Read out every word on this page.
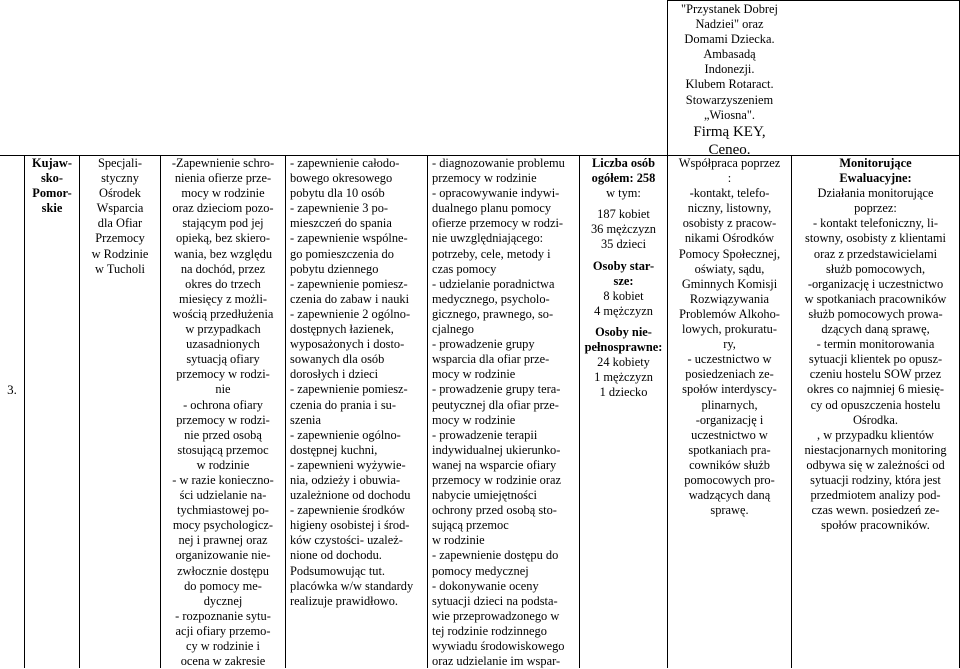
3.
Kujaw-
sko-
Pomor-
skie
Specjali-
styczny
Ośrodek
Wsparcia
dla Ofiar
Przemocy
w Rodzinie
w Tucholi
-Zapewnienie schro-
nienia ofierze prze-
mocy w rodzinie
oraz dzieciom pozo-
stającym pod jej
opieką, bez skiero-
wania, bez względu
na dochód, przez
okres do trzech
miesięcy z możli-
wością przedłużenia
w przypadkach
uzasadnionych
sytuacją ofiary
przemocy w rodzi-
nie
- ochrona ofiary
przemocy w rodzi-
nie przed osobą
stosującą przemoc
w rodzinie
- w razie konieczno-
ści udzielanie na-
tychmiastowej po-
mocy psychologicz-
nej i prawnej oraz
organizowanie nie-
zwłocznie dostępu
do pomocy me-
dycznej
- rozpoznanie sytu-
acji ofiary przemo-
cy w rodzinie i
ocena w zakresie
- zapewnienie całodo-
bowego okresowego
pobytu dla 10 osób
- zapewnienie 3 po-
mieszczeń do spania
- zapewnienie wspólne-
go pomieszczenia do
pobytu dziennego
- zapewnienie pomiesz-
czenia do zabaw i nauki
- zapewnienie 2 ogólno-
dostępnych łazienek,
wyposażonych i dosto-
sowanych dla osób
dorosłych i dzieci
- zapewnienie pomiesz-
czenia do prania i su-
szenia
- zapewnienie ogólno-
dostępnej kuchni,
- zapewnieni wyżywie-
nia, odzieży i obuwia-
uzależnione od dochodu
- zapewnienie środków
higieny osobistej i środ-
ków czystości- uzależ-
nione od dochodu.
Podsumowując tut.
placówka w/w standardy
realizuje prawidłowo.
- diagnozowanie problemu
przemocy w rodzinie
- opracowywanie indywi-
dualnego planu pomocy
ofierze przemocy w rodzi-
nie uwzględniającego:
potrzeby, cele, metody i
czas pomocy
- udzielanie poradnictwa
medycznego, psycholo-
gicznego, prawnego, so-
cjalnego
- prowadzenie grupy
wsparcia dla ofiar prze-
mocy w rodzinie
- prowadzenie grupy tera-
peutycznej dla ofiar prze-
mocy w rodzinie
- prowadzenie terapii
indywidualnej ukierunko-
wanej na wsparcie ofiary
przemocy w rodzinie oraz
nabycie umiejętności
ochrony przed osobą sto-
sującą przemoc
w rodzinie
- zapewnienie dostępu do
pomocy medycznej
- dokonywanie oceny
sytuacji dzieci na podsta-
wie przeprowadzonego w
tej rodzinie rodzinnego
wywiadu środowiskowego
oraz udzielanie im wspar-
Liczba osób
ogółem: 258
w tym:
187 kobiet
36 mężczyzn
35 dzieci
Osoby star-
sze:
8 kobiet
4 mężczyzn
Osoby nie-
pełnosprawne:
24 kobiety
1 mężczyzn
1 dziecko
"Przystanek Dobrej
Nadziei" oraz
Domami Dziecka.
Ambasadą
Indonezji.
Klubem Rotaract.
Stowarzyszeniem
„Wiosna".
Firmą KEY,
Ceneo.
Współpraca poprzez
:
-kontakt, telefo-
niczny, listowny,
osobisty z pracow-
nikami Ośrodków
Pomocy Społecznej,
oświaty, sądu,
Gminnych Komisji
Rozwiązywania
Problemów Alkoho-
lowych, prokuratu-
ry,
- uczestnictwo w
posiedzeniach ze-
społów interdyscy-
plinarnych,
-organizację i
uczestnictwo w
spotkaniach pra-
cowników służb
pomocowych pro-
wadzących daną
sprawę.
Monitorujące
Ewaluacyjne:
Działania monitorujące
poprzez:
- kontakt telefoniczny, li-
stowny, osobisty z klientami
oraz z przedstawicielami
służb pomocowych,
-organizację i uczestnictwo
w spotkaniach pracowników
służb pomocowych prowa-
dzących daną sprawę,
- termin monitorowania
sytuacji klientek po opusz-
czeniu hostelu SOW przez
okres co najmniej 6 miesię-
cy od opuszczenia hostelu
Ośrodka.
, w przypadku klientów
niestacjonarnych monitoring
odbywa się w zależności od
sytuacji rodziny, która jest
przedmiotem analizy pod-
czas wewn. posiedzeń ze-
społów pracowników.
